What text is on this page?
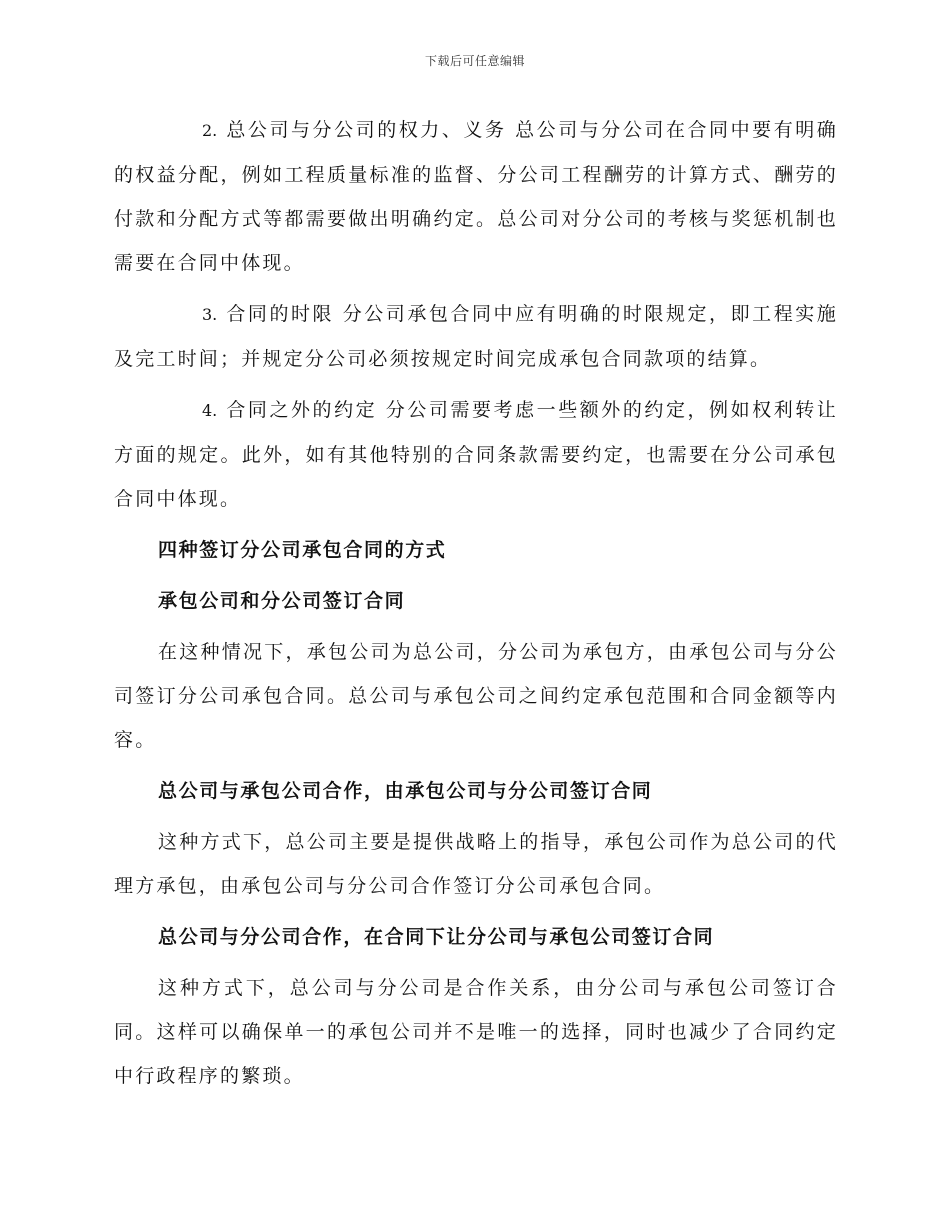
下载后可任意编辑

2. 总公司与分公司的权力、义务 总公司与分公司在合同中要有明确的权益分配，例如工程质量标准的监督、分公司工程酬劳的计算方式、酬劳的付款和分配方式等都需要做出明确约定。总公司对分公司的考核与奖惩机制也需要在合同中体现。

3. 合同的时限 分公司承包合同中应有明确的时限规定，即工程实施及完工时间；并规定分公司必须按规定时间完成承包合同款项的结算。

4. 合同之外的约定 分公司需要考虑一些额外的约定，例如权利转让方面的规定。此外，如有其他特别的合同条款需要约定，也需要在分公司承包合同中体现。

四种签订分公司承包合同的方式
承包公司和分公司签订合同

在这种情况下，承包公司为总公司，分公司为承包方，由承包公司与分公司签订分公司承包合同。总公司与承包公司之间约定承包范围和合同金额等内容。

总公司与承包公司合作，由承包公司与分公司签订合同

这种方式下，总公司主要是提供战略上的指导，承包公司作为总公司的代理方承包，由承包公司与分公司合作签订分公司承包合同。

总公司与分公司合作，在合同下让分公司与承包公司签订合同

这种方式下，总公司与分公司是合作关系，由分公司与承包公司签订合同。这样可以确保单一的承包公司并不是唯一的选择，同时也减少了合同约定中行政程序的繁琐。
